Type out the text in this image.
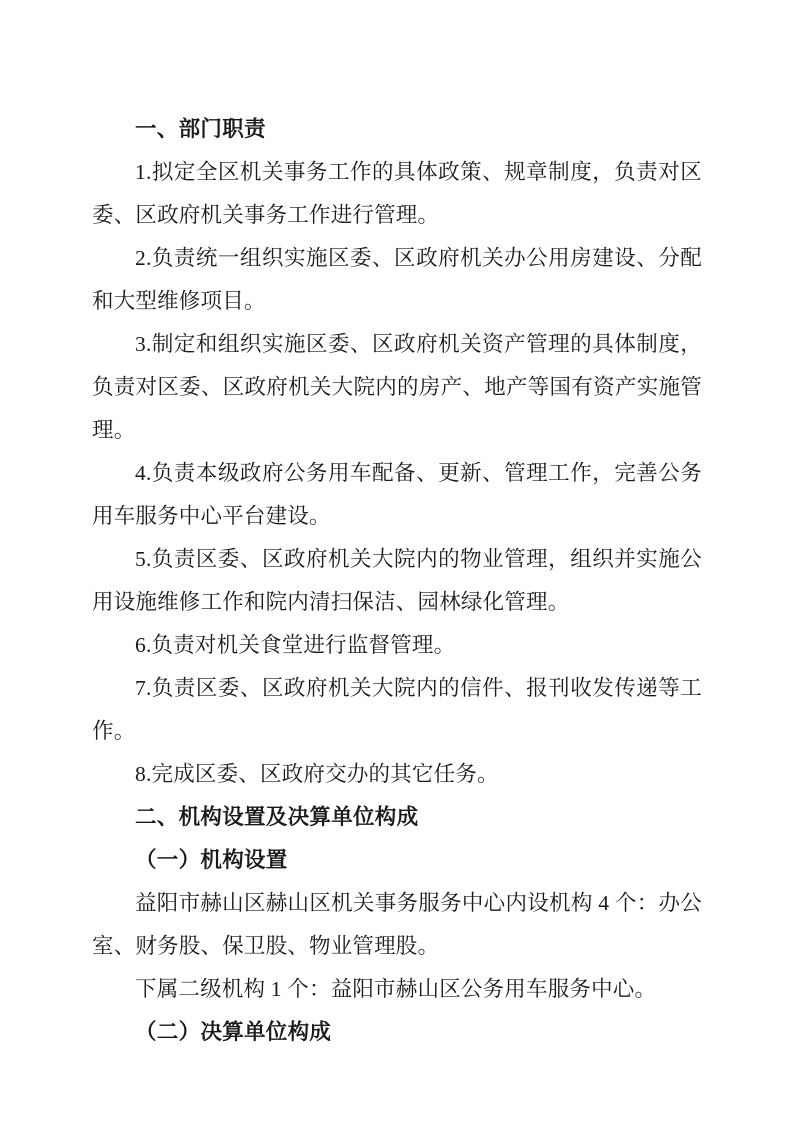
一、部门职责

1.拟定全区机关事务工作的具体政策、规章制度，负责对区委、区政府机关事务工作进行管理。

2.负责统一组织实施区委、区政府机关办公用房建设、分配和大型维修项目。

3.制定和组织实施区委、区政府机关资产管理的具体制度，负责对区委、区政府机关大院内的房产、地产等国有资产实施管理。

4.负责本级政府公务用车配备、更新、管理工作，完善公务用车服务中心平台建设。

5.负责区委、区政府机关大院内的物业管理，组织并实施公用设施维修工作和院内清扫保洁、园林绿化管理。

6.负责对机关食堂进行监督管理。

7.负责区委、区政府机关大院内的信件、报刊收发传递等工作。

8.完成区委、区政府交办的其它任务。

二、机构设置及决算单位构成

（一）机构设置

益阳市赫山区赫山区机关事务服务中心内设机构 4 个：办公室、财务股、保卫股、物业管理股。

下属二级机构 1 个：益阳市赫山区公务用车服务中心。

（二）决算单位构成
